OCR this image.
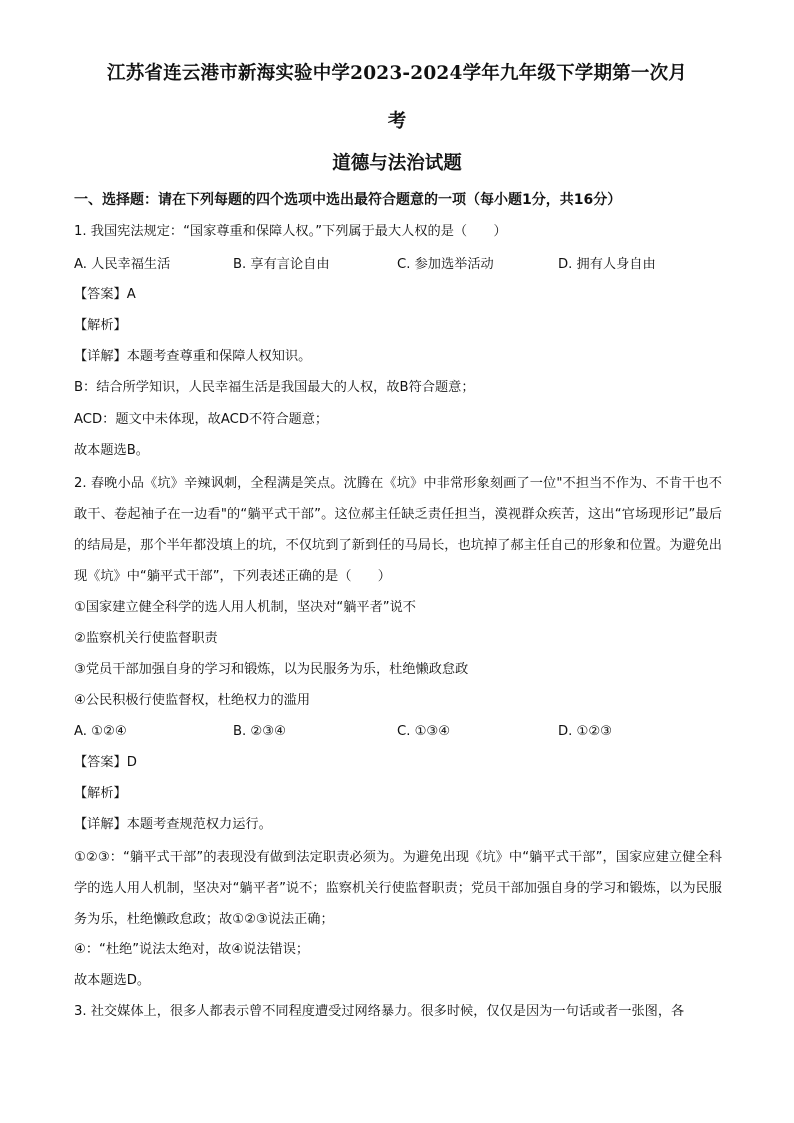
江苏省连云港市新海实验中学2023-2024学年九年级下学期第一次月
考
道德与法治试题
一、选择题：请在下列每题的四个选项中选出最符合题意的一项（每小题1分，共16分）
1. 我国宪法规定：“国家尊重和保障人权。”下列属于最大人权的是（　　）
A. 人民幸福生活	B. 享有言论自由	C. 参加选举活动	D. 拥有人身自由
【答案】A
【解析】
【详解】本题考查尊重和保障人权知识。
B：结合所学知识，人民幸福生活是我国最大的人权，故B符合题意；
ACD：题文中未体现，故ACD不符合题意；
故本题选B。
2. 春晚小品《坑》辛辣讽刺，全程满是笑点。沈腾在《坑》中非常形象刻画了一位"不担当不作为、不肯干也不敢干、卷起袖子在一边看"的“躺平式干部”。这位郝主任缺乏责任担当，漠视群众疾苦，这出“官场现形记”最后的结局是，那个半年都没填上的坑，不仅坑到了新到任的马局长，也坑掉了郝主任自己的形象和位置。为避免出现《坑》中“躺平式干部”，下列表述正确的是（　　）
①国家建立健全科学的选人用人机制，坚决对“躺平者”说不
②监察机关行使监督职责
③党员干部加强自身的学习和锻炼，以为民服务为乐，杜绝懒政怠政
④公民积极行使监督权，杜绝权力的滥用
A. ①②④	B. ②③④	C. ①③④	D. ①②③
【答案】D
【解析】
【详解】本题考查规范权力运行。
①②③：“躺平式干部”的表现没有做到法定职责必须为。为避免出现《坑》中“躺平式干部”，国家应建立健全科学的选人用人机制，坚决对“躺平者”说不；监察机关行使监督职责；党员干部加强自身的学习和锻炼，以为民服务为乐，杜绝懒政怠政；故①②③说法正确；
④：“杜绝”说法太绝对，故④说法错误；
故本题选D。
3. 社交媒体上，很多人都表示曾不同程度遭受过网络暴力。很多时候，仅仅是因为一句话或者一张图，各
